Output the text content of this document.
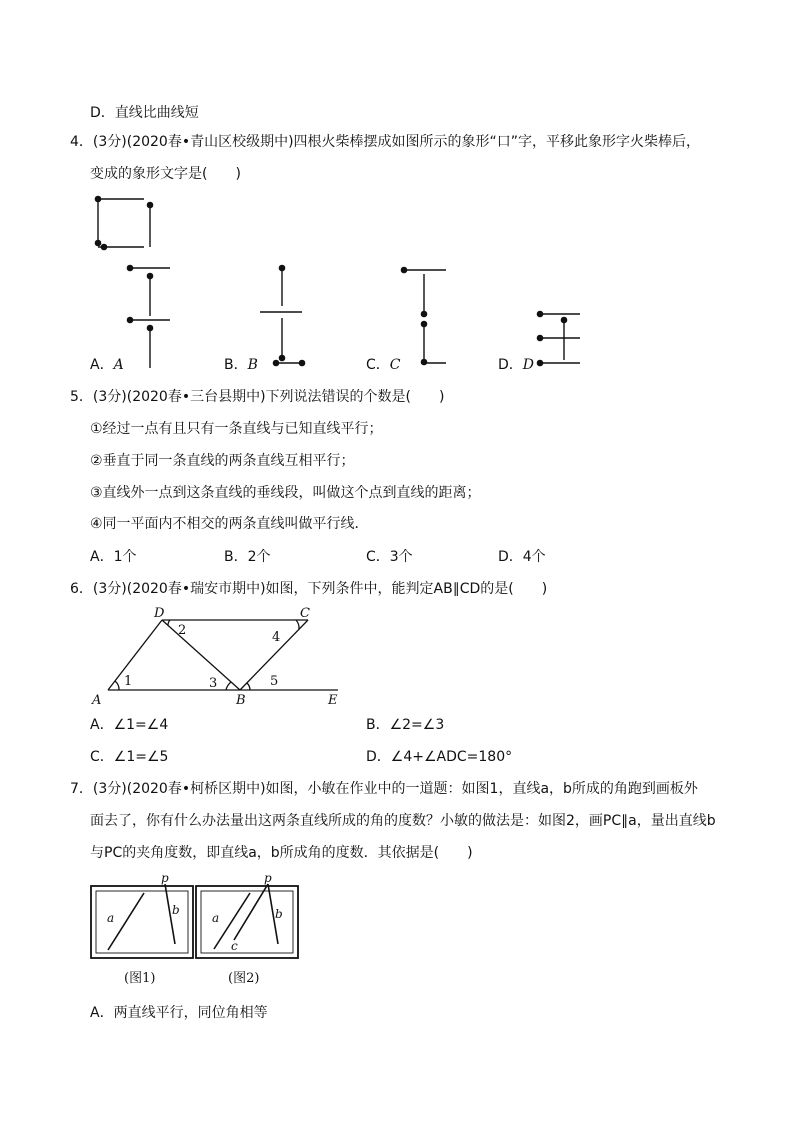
D．直线比曲线短
4．(3分)(2020春•青山区校级期中)四根火柴棒摆成如图所示的象形“口”字，平移此象形字火柴棒后，
变成的象形文字是(　　)
A．A	B．B	C．C	D．D
5．(3分)(2020春•三台县期中)下列说法错误的个数是(　　)
①经过一点有且只有一条直线与已知直线平行；
②垂直于同一条直线的两条直线互相平行；
③直线外一点到这条直线的垂线段，叫做这个点到直线的距离；
④同一平面内不相交的两条直线叫做平行线．
A．1个	B．2个	C．3个	D．4个
6．(3分)(2020春•瑞安市期中)如图，下列条件中，能判定AB∥CD的是(　　)
A	B
C
D
E
1
2
3
4
5
A．∠1=∠4	B．∠2=∠3
C．∠1=∠5	D．∠4+∠ADC=180°
7．(3分)(2020春•柯桥区期中)如图，小敏在作业中的一道题：如图1，直线a，b所成的角跑到画板外
面去了，你有什么办法量出这两条直线所成的角的度数？小敏的做法是：如图2，画PC∥a，量出直线b
与PC的夹角度数，即直线a，b所成角的度数．其依据是(　　)
p
a
b
p
a	b
c
(图1)	(图2)
A．两直线平行，同位角相等
